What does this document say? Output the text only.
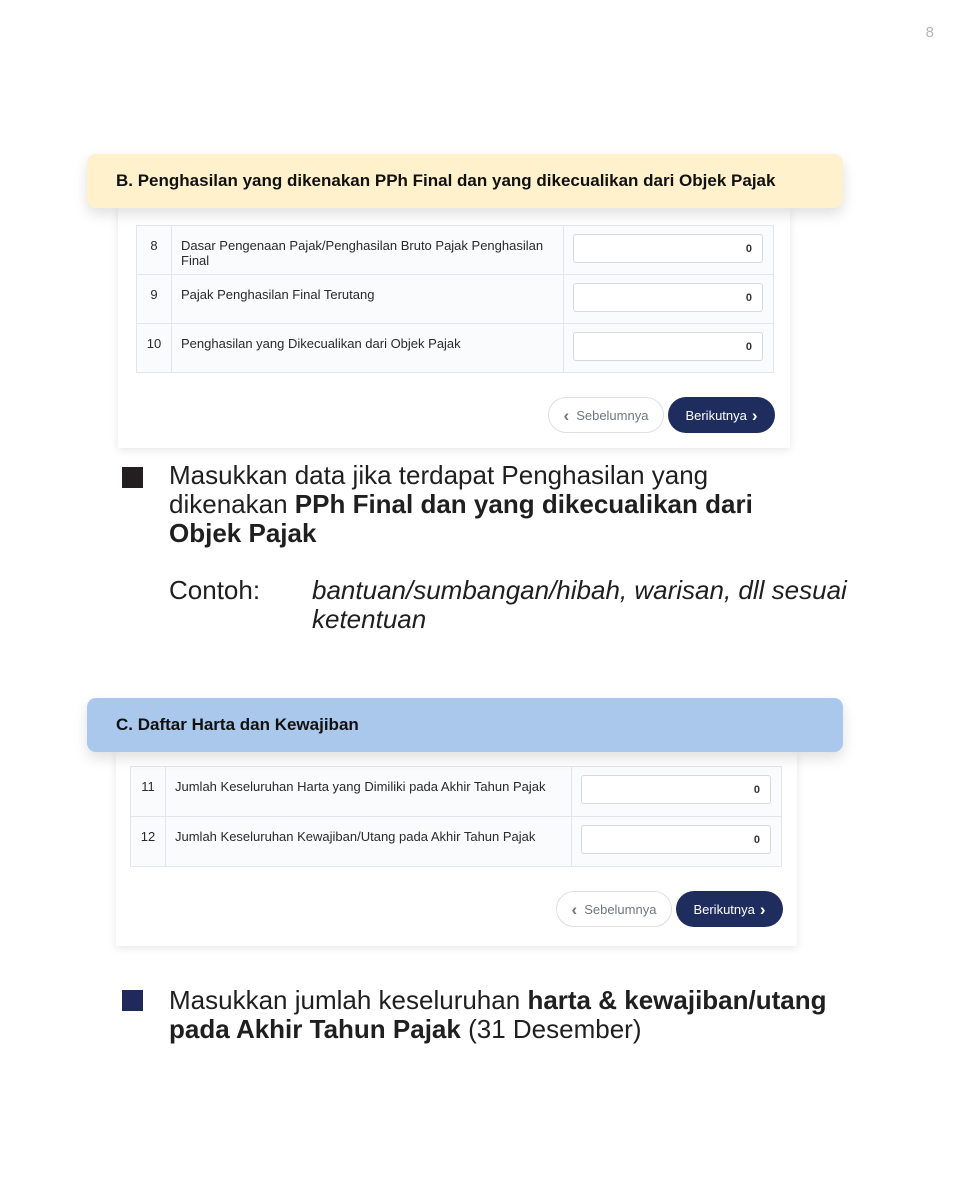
8
B. Penghasilan yang dikenakan PPh Final dan yang dikecualikan dari Objek Pajak
8	Dasar Pengenaan Pajak/Penghasilan Bruto Pajak Penghasilan Final	
0
9	Pajak Penghasilan Final Terutang	
0
10	Penghasilan yang Dikecualikan dari Objek Pajak	
0
‹ Sebelumnya	Berikutnya ›
Masukkan data jika terdapat Penghasilan yang dikenakan PPh Final dan yang dikecualikan dari Objek Pajak
Contoh: bantuan/sumbangan/hibah, warisan, dll sesuai ketentuan
C. Daftar Harta dan Kewajiban
11	Jumlah Keseluruhan Harta yang Dimiliki pada Akhir Tahun Pajak	
0
12	Jumlah Keseluruhan Kewajiban/Utang pada Akhir Tahun Pajak	
0
‹ Sebelumnya	Berikutnya ›
Masukkan jumlah keseluruhan harta & kewajiban/utang pada Akhir Tahun Pajak (31 Desember)
